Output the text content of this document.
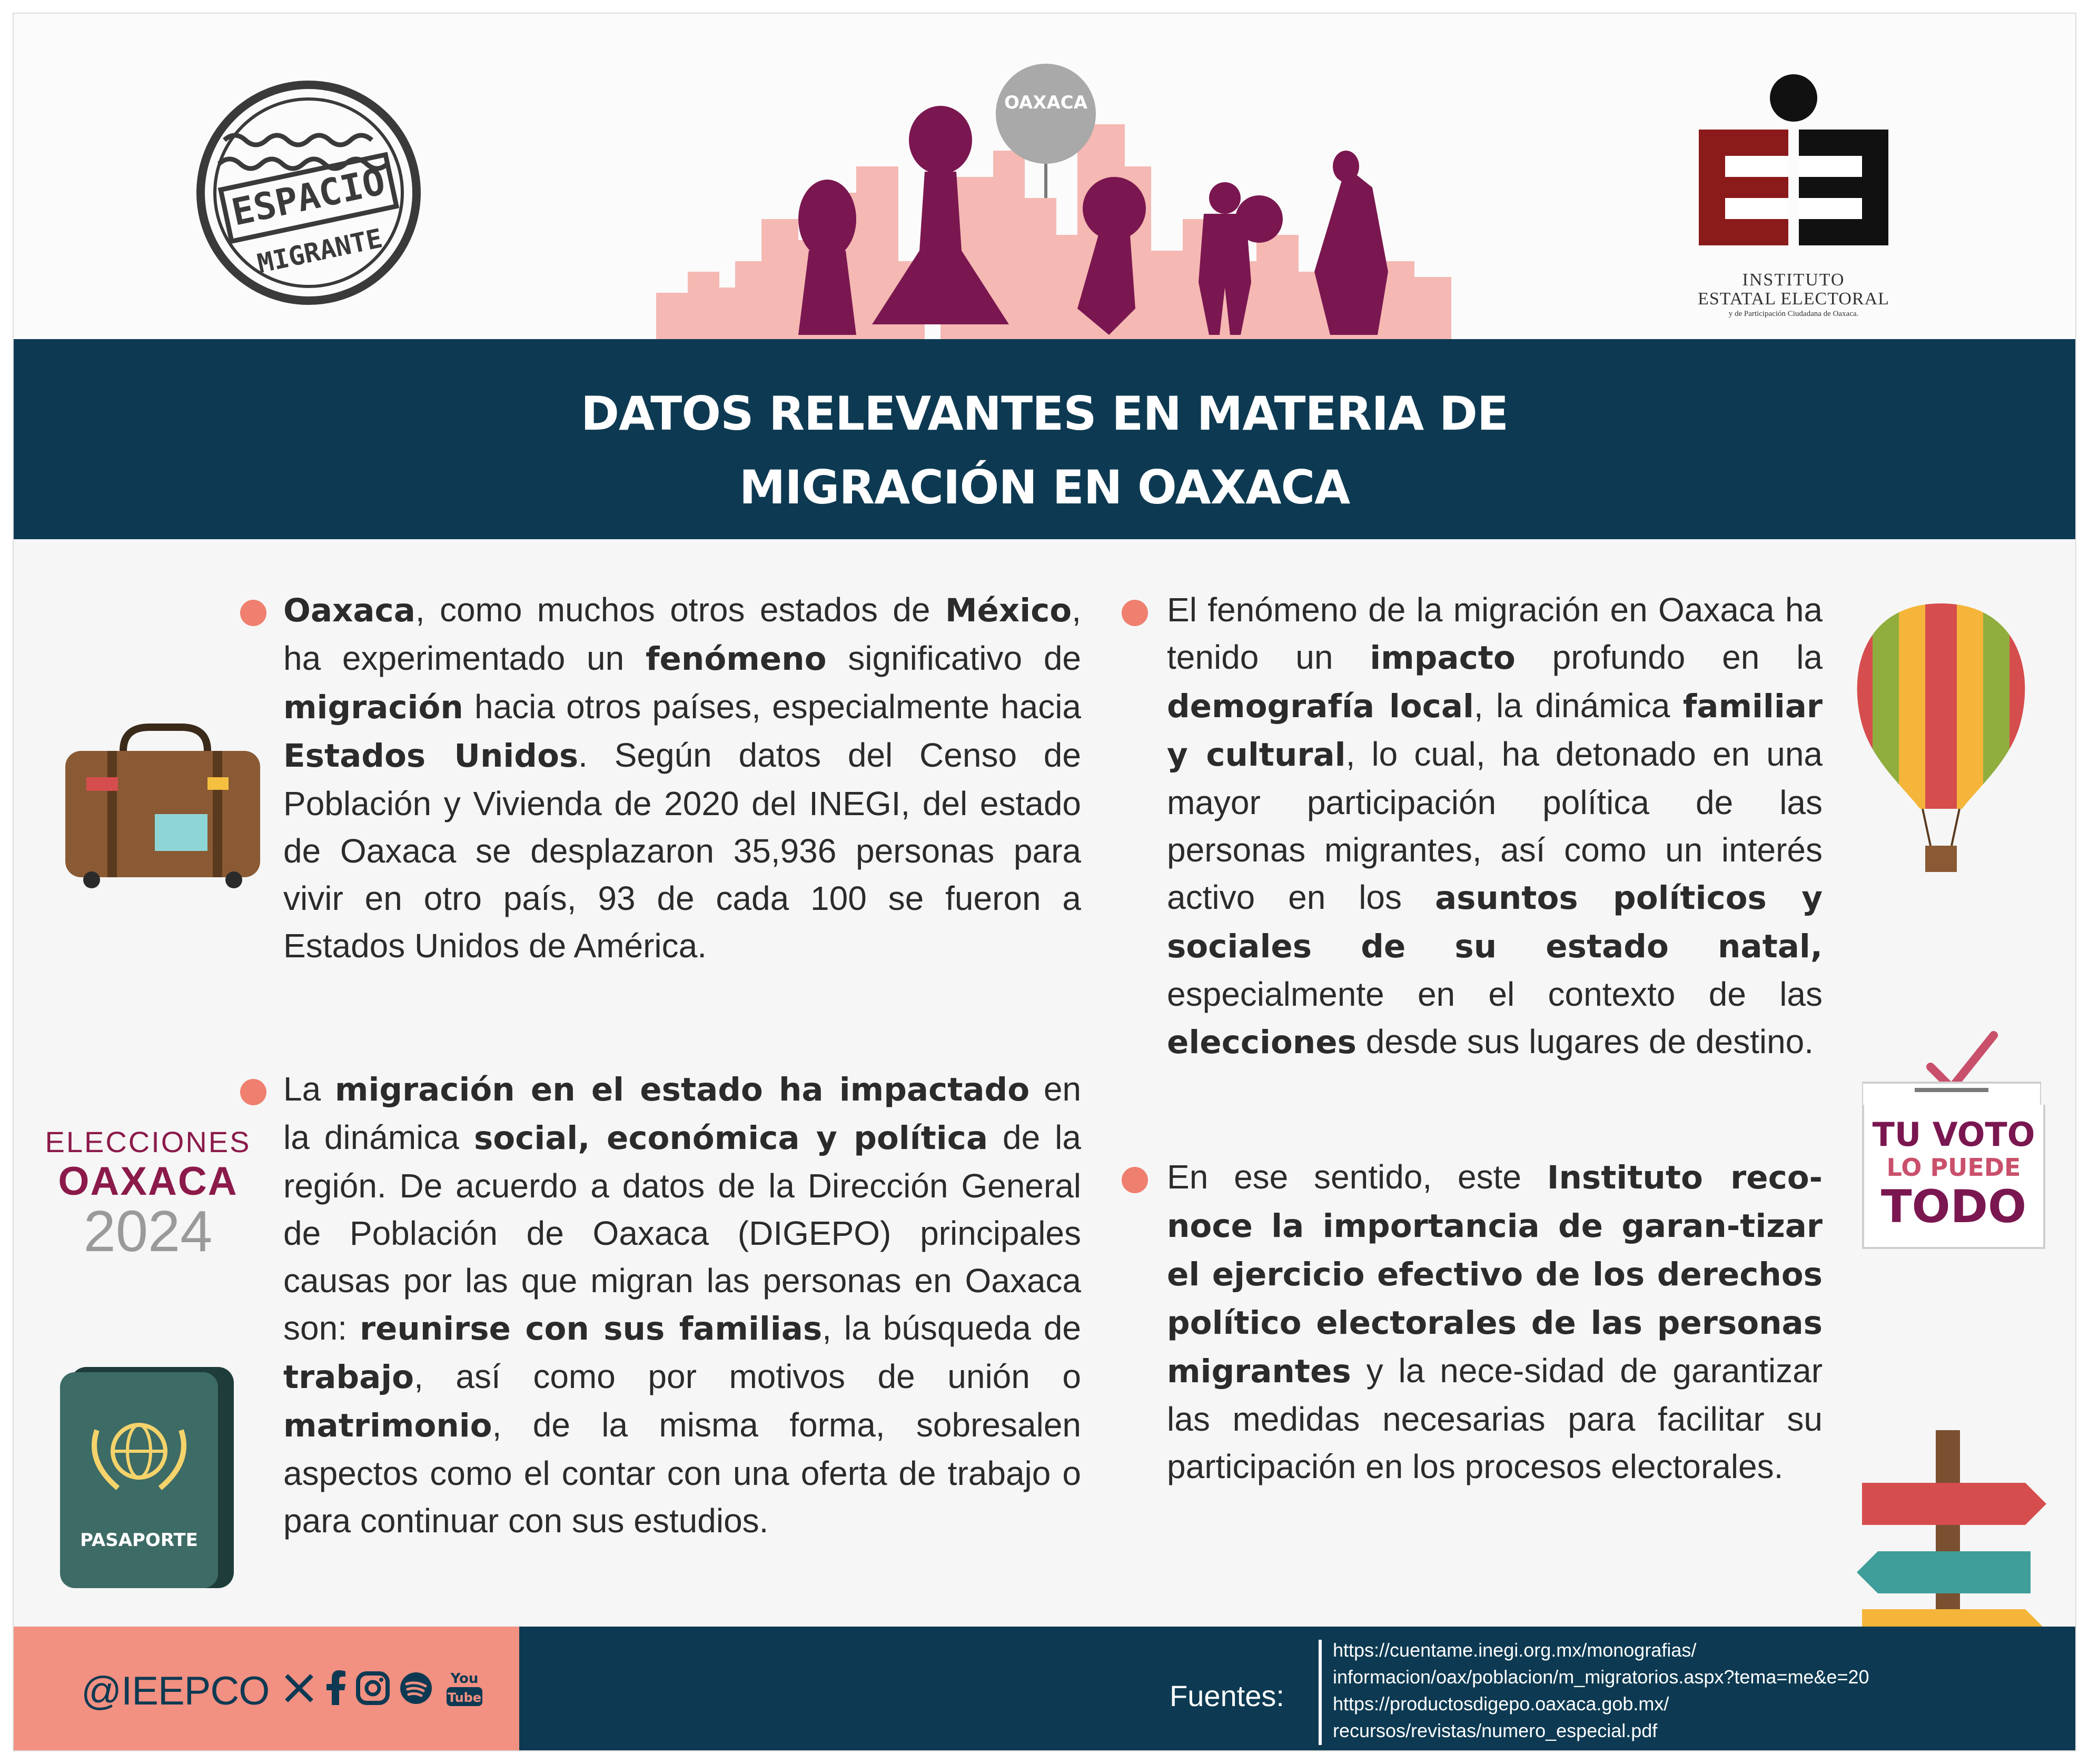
ESPACIO
MIGRANTE
OAXACA
INSTITUTO
ESTATAL ELECTORAL
y de Participación Ciudadana de Oaxaca.
DATOS RELEVANTES EN MATERIA DE
MIGRACIÓN EN OAXACA
ELECCIONES
OAXACA
2024
PASAPORTE
Oaxaca, como muchos otros estados de México, ha experimentado un fenómeno significativo de migración hacia otros países, especialmente hacia Estados Unidos. Según datos del Censo de Población y Vivienda de 2020 del INEGI, del estado de Oaxaca se desplazaron 35,936 personas para vivir en otro país, 93 de cada 100 se fueron a Estados Unidos de América.
La migración en el estado ha impactado en la dinámica social, económica y política de la región. De acuerdo a datos de la Dirección General de Población de Oaxaca (DIGEPO) principales causas por las que migran las personas en Oaxaca son: reunirse con sus familias, la búsqueda de trabajo, así como por motivos de unión o matrimonio, de la misma forma, sobresalen aspectos como el contar con una oferta de trabajo o para continuar con sus estudios.
El fenómeno de la migración en Oaxaca ha tenido un impacto profundo en la demografía local, la dinámica familiar y cultural, lo cual, ha detonado en una mayor participación política de las personas migrantes, así como un interés activo en los asuntos políticos y sociales de su estado natal, especialmente en el contexto de las elecciones desde sus lugares de destino.
En ese sentido, este Instituto reco-noce la importancia de garan-tizar el ejercicio efectivo de los derechos político electorales de las personas migrantes y la nece-sidad de garantizar las medidas necesarias para facilitar su participación en los procesos electorales.
TU VOTO
LO PUEDE
TODO
@IEEPCO	You
Tube	Fuentes:
https://cuentame.inegi.org.mx/monografias/
informacion/oax/poblacion/m_migratorios.aspx?tema=me&e=20
https://productosdigepo.oaxaca.gob.mx/
recursos/revistas/numero_especial.pdf
